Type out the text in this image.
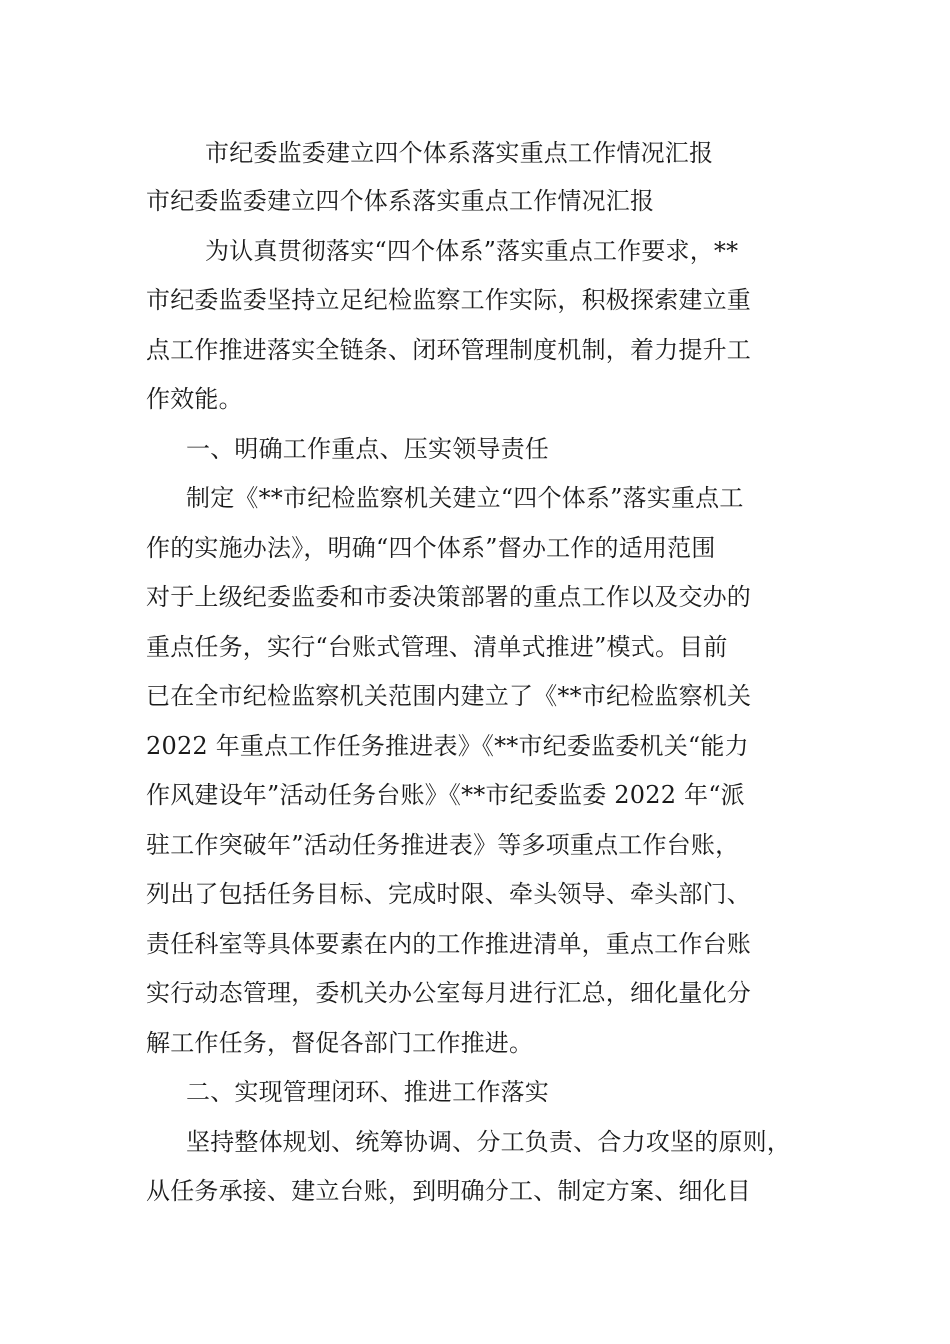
市纪委监委建立四个体系落实重点工作情况汇报
市纪委监委建立四个体系落实重点工作情况汇报
为认真贯彻落实“四个体系”落实重点工作要求，**
市纪委监委坚持立足纪检监察工作实际，积极探索建立重
点工作推进落实全链条、闭环管理制度机制，着力提升工
作效能。
一、明确工作重点、压实领导责任
制定《**市纪检监察机关建立“四个体系”落实重点工
作的实施办法》，明确“四个体系”督办工作的适用范围
对于上级纪委监委和市委决策部署的重点工作以及交办的
重点任务，实行“台账式管理、清单式推进”模式。目前
已在全市纪检监察机关范围内建立了《**市纪检监察机关
2022 年重点工作任务推进表》《**市纪委监委机关“能力
作风建设年”活动任务台账》《**市纪委监委 2022 年“派
驻工作突破年”活动任务推进表》等多项重点工作台账，
列出了包括任务目标、完成时限、牵头领导、牵头部门、
责任科室等具体要素在内的工作推进清单，重点工作台账
实行动态管理，委机关办公室每月进行汇总，细化量化分
解工作任务，督促各部门工作推进。
二、实现管理闭环、推进工作落实
坚持整体规划、统筹协调、分工负责、合力攻坚的原则，
从任务承接、建立台账，到明确分工、制定方案、细化目
